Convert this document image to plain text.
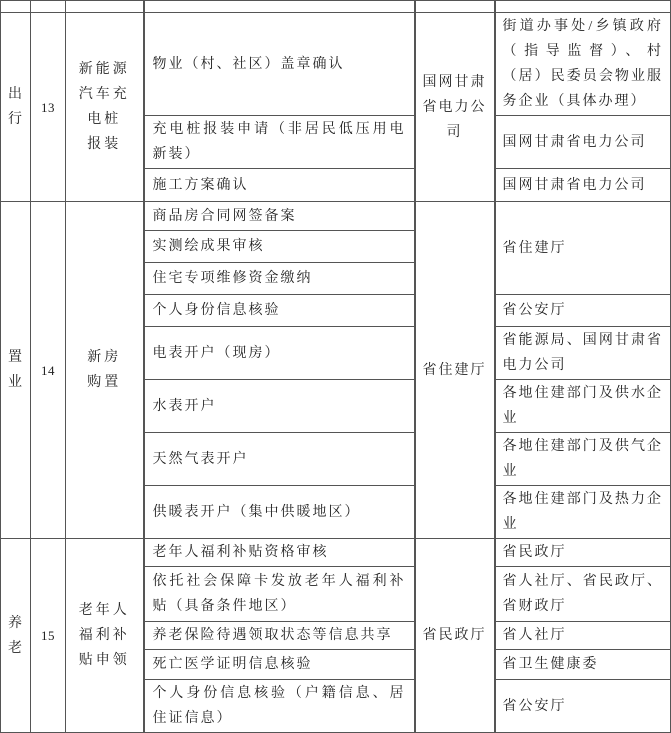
出行	13	新能源汽车充电桩报装	物业（村、社区）盖章确认	国网甘肃省电力公司	街道办事处/乡镇政府（指导监督）、村（居）民委员会物业服务企业（具体办理）
			充电桩报装申请（非居民低压用电新装）		国网甘肃省电力公司
			施工方案确认		国网甘肃省电力公司
置业	14	新房购置	商品房合同网签备案	省住建厅	省住建厅
			实测绘成果审核		
			住宅专项维修资金缴纳		
			个人身份信息核验		省公安厅
			电表开户（现房）		省能源局、国网甘肃省电力公司
			水表开户		各地住建部门及供水企业
			天然气表开户		各地住建部门及供气企业
			供暖表开户（集中供暖地区）		各地住建部门及热力企业
养老	15	老年人福利补贴申领	老年人福利补贴资格审核	省民政厅	省民政厅
			依托社会保障卡发放老年人福利补贴（具备条件地区）		省人社厅、省民政厅、省财政厅
			养老保险待遇领取状态等信息共享		省人社厅
			死亡医学证明信息核验		省卫生健康委
			个人身份信息核验（户籍信息、居住证信息）		省公安厅
